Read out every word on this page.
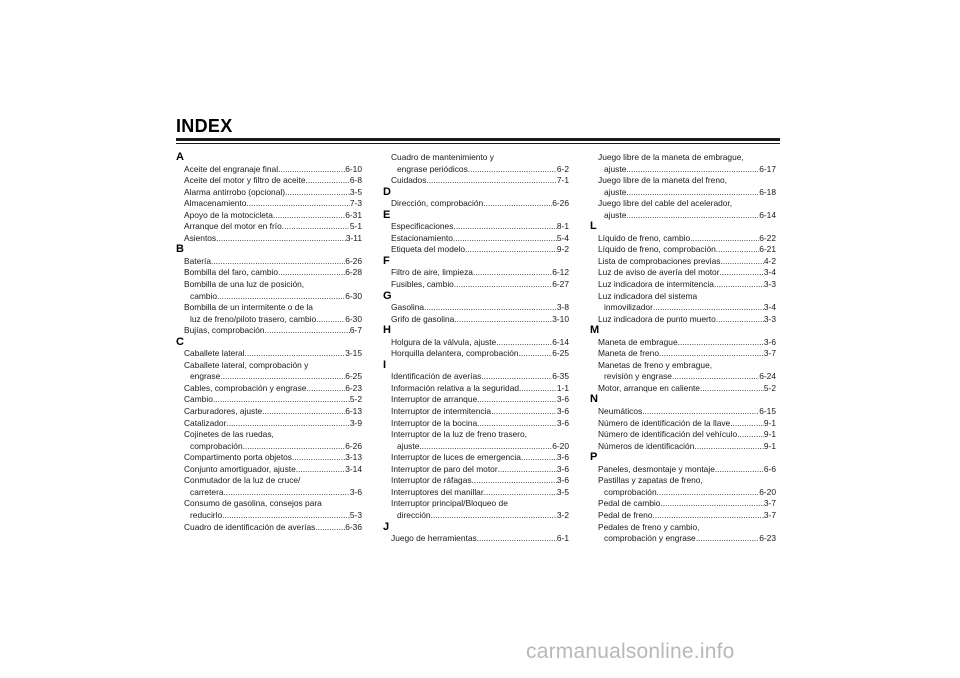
INDEX
A
Aceite del engranaje final .....	6-10
Aceite del motor y filtro de aceite .....	6-8
Alarma antirrobo (opcional) .....	3-5
Almacenamiento .....	7-3
Apoyo de la motocicleta .....	6-31
Arranque del motor en frío .....	5-1
Asientos .....	3-11
B
Batería .....	6-26
Bombilla del faro, cambio .....	6-28
Bombilla de una luz de posición,
cambio .....	6-30
Bombilla de un intermitente o de la
luz de freno/piloto trasero, cambio .....	6-30
Bujías, comprobación .....	6-7
C
Caballete lateral .....	3-15
Caballete lateral, comprobación y
engrase .....	6-25
Cables, comprobación y engrase .....	6-23
Cambio .....	5-2
Carburadores, ajuste .....	6-13
Catalizador .....	3-9
Cojinetes de las ruedas,
comprobación .....	6-26
Compartimento porta objetos .....	3-13
Conjunto amortiguador, ajuste .....	3-14
Conmutador de la luz de cruce/
carretera .....	3-6
Consumo de gasolina, consejos para
reducirlo .....	5-3
Cuadro de identificación de averías .....	6-36
Cuadro de mantenimiento y
engrase periódicos .....	6-2
Cuidados .....	7-1
D
Dirección, comprobación .....	6-26
E
Especificaciones .....	8-1
Estacionamiento .....	5-4
Etiqueta del modelo .....	9-2
F
Filtro de aire, limpieza .....	6-12
Fusibles, cambio .....	6-27
G
Gasolina .....	3-8
Grifo de gasolina .....	3-10
H
Holgura de la válvula, ajuste .....	6-14
Horquilla delantera, comprobación .....	6-25
I
Identificación de averías .....	6-35
Información relativa a la seguridad .....	1-1
Interruptor de arranque .....	3-6
Interruptor de intermitencia .....	3-6
Interruptor de la bocina .....	3-6
Interruptor de la luz de freno trasero,
ajuste .....	6-20
Interruptor de luces de emergencia .....	3-6
Interruptor de paro del motor .....	3-6
Interruptor de ráfagas .....	3-6
Interruptores del manillar .....	3-5
Interruptor principal/Bloqueo de
dirección .....	3-2
J
Juego de herramientas .....	6-1
Juego libre de la maneta de embrague,
ajuste .....	6-17
Juego libre de la maneta del freno,
ajuste .....	6-18
Juego libre del cable del acelerador,
ajuste .....	6-14
L
Líquido de freno, cambio .....	6-22
Líquido de freno, comprobación .....	6-21
Lista de comprobaciones previas .....	4-2
Luz de aviso de avería del motor .....	3-4
Luz indicadora de intermitencia .....	3-3
Luz indicadora del sistema
inmovilizador .....	3-4
Luz indicadora de punto muerto .....	3-3
M
Maneta de embrague .....	3-6
Maneta de freno .....	3-7
Manetas de freno y embrague,
revisión y engrase .....	6-24
Motor, arranque en caliente .....	5-2
N
Neumáticos .....	6-15
Número de identificación de la llave .....	9-1
Número de identificación del vehículo .....	9-1
Números de identificación .....	9-1
P
Paneles, desmontaje y montaje .....	6-6
Pastillas y zapatas de freno,
comprobación .....	6-20
Pedal de cambio .....	3-7
Pedal de freno .....	3-7
Pedales de freno y cambio,
comprobación y engrase .....	6-23
carmanualsonline.info
